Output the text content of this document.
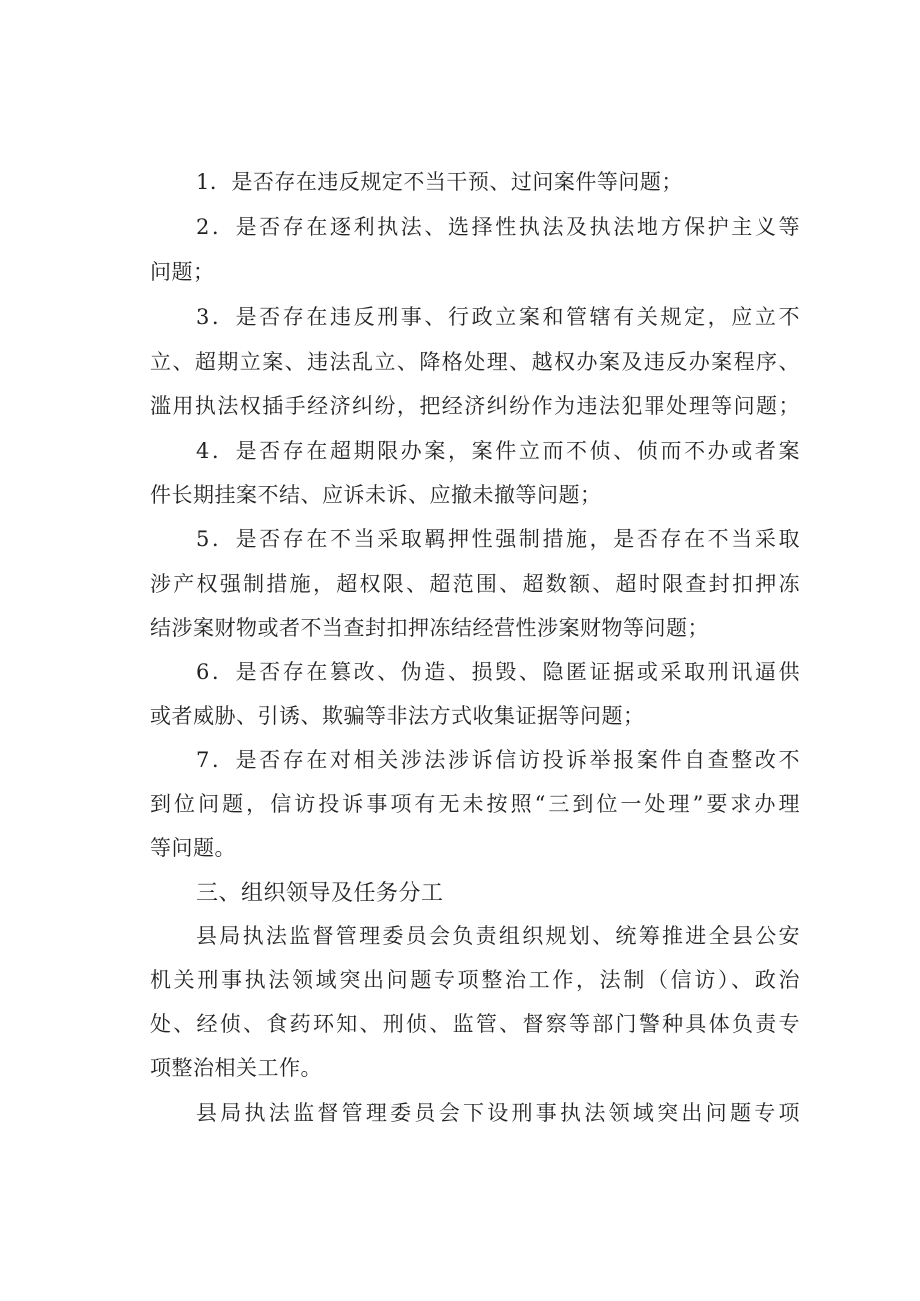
1．是否存在违反规定不当干预、过问案件等问题；
2．是否存在逐利执法、选择性执法及执法地方保护主义等
问题；
3．是否存在违反刑事、行政立案和管辖有关规定，应立不
立、超期立案、违法乱立、降格处理、越权办案及违反办案程序、
滥用执法权插手经济纠纷，把经济纠纷作为违法犯罪处理等问题；
4．是否存在超期限办案，案件立而不侦、侦而不办或者案
件长期挂案不结、应诉未诉、应撤未撤等问题；
5．是否存在不当采取羁押性强制措施，是否存在不当采取
涉产权强制措施，超权限、超范围、超数额、超时限查封扣押冻
结涉案财物或者不当查封扣押冻结经营性涉案财物等问题；
6．是否存在篡改、伪造、损毁、隐匿证据或采取刑讯逼供
或者威胁、引诱、欺骗等非法方式收集证据等问题；
7．是否存在对相关涉法涉诉信访投诉举报案件自查整改不
到位问题，信访投诉事项有无未按照“三到位一处理”要求办理
等问题。
三、组织领导及任务分工
县局执法监督管理委员会负责组织规划、统筹推进全县公安
机关刑事执法领域突出问题专项整治工作，法制（信访）、政治
处、经侦、食药环知、刑侦、监管、督察等部门警种具体负责专
项整治相关工作。
县局执法监督管理委员会下设刑事执法领域突出问题专项
